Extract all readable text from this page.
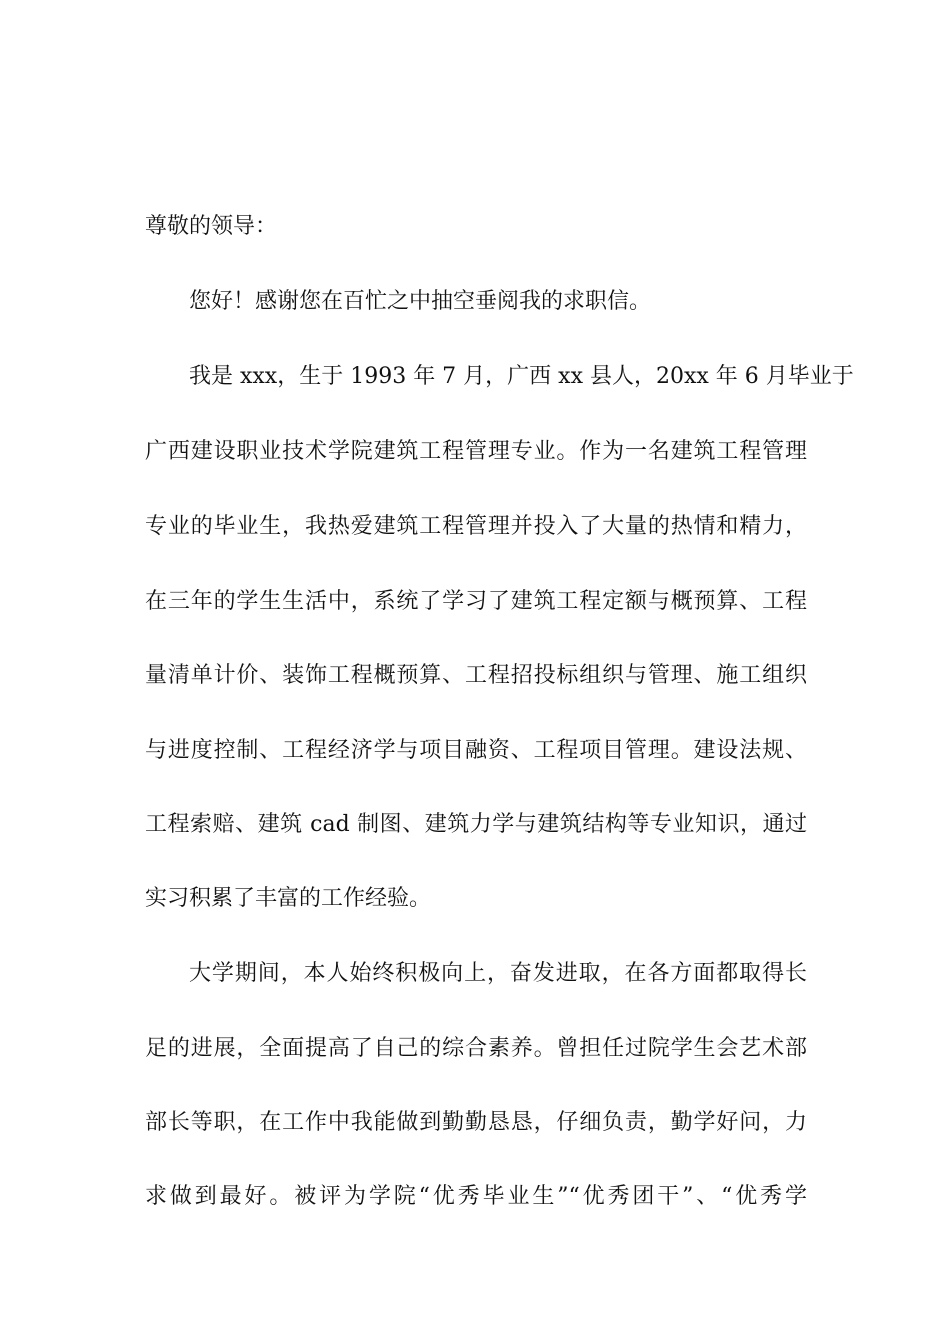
尊敬的领导：
您好！感谢您在百忙之中抽空垂阅我的求职信。
我是 xxx，生于 1993 年 7 月，广西 xx 县人，20xx 年 6 月毕业于
广西建设职业技术学院建筑工程管理专业。作为一名建筑工程管理
专业的毕业生，我热爱建筑工程管理并投入了大量的热情和精力，
在三年的学生生活中，系统了学习了建筑工程定额与概预算、工程
量清单计价、装饰工程概预算、工程招投标组织与管理、施工组织
与进度控制、工程经济学与项目融资、工程项目管理。建设法规、
工程索赔、建筑 cad 制图、建筑力学与建筑结构等专业知识，通过
实习积累了丰富的工作经验。
大学期间，本人始终积极向上，奋发进取，在各方面都取得长
足的进展，全面提高了自己的综合素养。曾担任过院学生会艺术部
部长等职，在工作中我能做到勤勤恳恳，仔细负责，勤学好问，力
求做到最好。被评为学院“优秀毕业生”“优秀团干”、“优秀学
